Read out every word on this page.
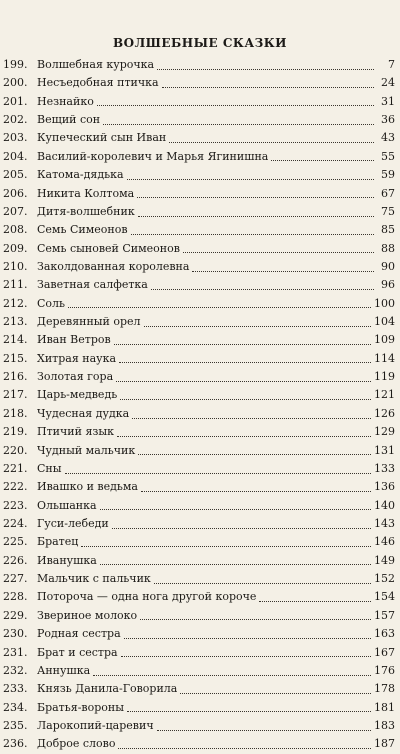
ВОЛШЕБНЫЕ СКАЗКИ
199. Волшебная курочка	7
200. Несъедобная птичка	24
201. Незнайко	31
202. Вещий сон	36
203. Купеческий сын Иван	43
204. Василий-королевич и Марья Ягинишна	55
205. Катома-дядька	59
206. Никита Колтома	67
207. Дитя-волшебник	75
208. Семь Симеонов	85
209. Семь сыновей Симеонов	88
210. Заколдованная королевна	90
211. Заветная салфетка	96
212. Соль	100
213. Деревянный орел	104
214. Иван Ветров	109
215. Хитрая наука	114
216. Золотая гора	119
217. Царь-медведь	121
218. Чудесная дудка	126
219. Птичий язык	129
220. Чудный мальчик	131
221. Сны	133
222. Ивашко и ведьма	136
223. Ольшанка	140
224. Гуси-лебеди	143
225. Братец	146
226. Иванушка	149
227. Мальчик с пальчик	152
228. Потороча — одна нога другой короче	154
229. Звериное молоко	157
230. Родная сестра	163
231. Брат и сестра	167
232. Аннушка	176
233. Князь Данила-Говорила	178
234. Братья-вороны	181
235. Ларокопий-царевич	183
236. Доброе слово	187
